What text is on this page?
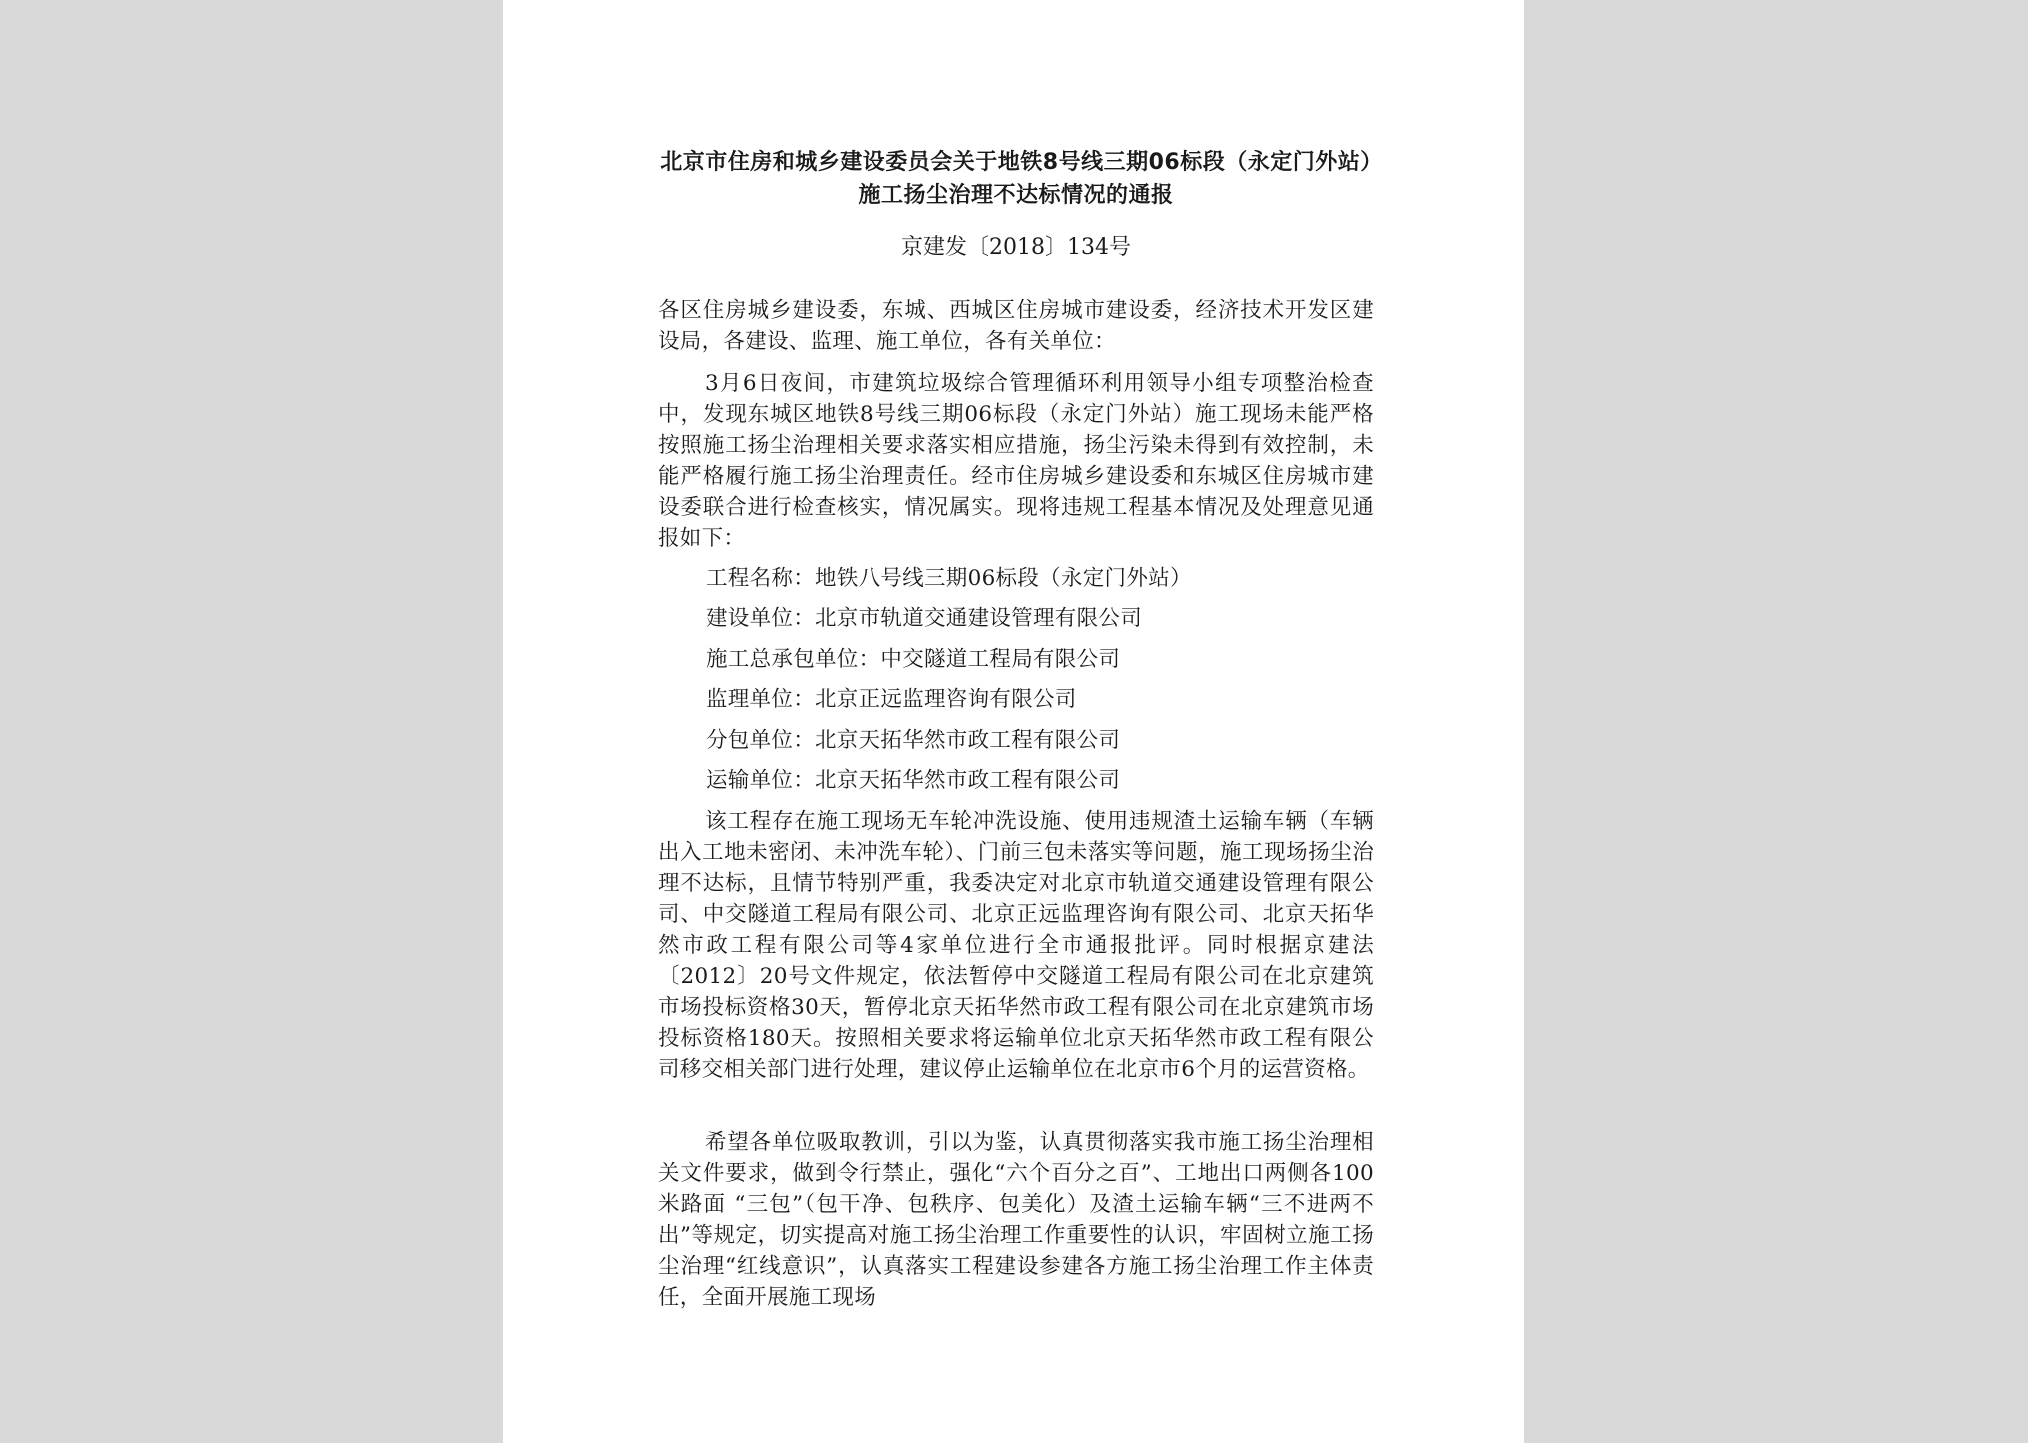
北京市住房和城乡建设委员会关于地铁8号线三期06标段（永定门外站）施工扬尘治理不达标情况的通报
京建发〔2018〕134号

各区住房城乡建设委，东城、西城区住房城市建设委，经济技术开发区建设局，各建设、监理、施工单位，各有关单位：

3月6日夜间，市建筑垃圾综合管理循环利用领导小组专项整治检查中，发现东城区地铁8号线三期06标段（永定门外站）施工现场未能严格按照施工扬尘治理相关要求落实相应措施，扬尘污染未得到有效控制，未能严格履行施工扬尘治理责任。经市住房城乡建设委和东城区住房城市建设委联合进行检查核实，情况属实。现将违规工程基本情况及处理意见通报如下：

工程名称：地铁八号线三期06标段（永定门外站）
建设单位：北京市轨道交通建设管理有限公司
施工总承包单位：中交隧道工程局有限公司
监理单位：北京正远监理咨询有限公司
分包单位：北京天拓华然市政工程有限公司
运输单位：北京天拓华然市政工程有限公司

该工程存在施工现场无车轮冲洗设施、使用违规渣土运输车辆（车辆出入工地未密闭、未冲洗车轮）、门前三包未落实等问题，施工现场扬尘治理不达标，且情节特别严重，我委决定对北京市轨道交通建设管理有限公司、中交隧道工程局有限公司、北京正远监理咨询有限公司、北京天拓华然市政工程有限公司等4家单位进行全市通报批评。同时根据京建法〔2012〕20号文件规定，依法暂停中交隧道工程局有限公司在北京建筑市场投标资格30天，暂停北京天拓华然市政工程有限公司在北京建筑市场投标资格180天。按照相关要求将运输单位北京天拓华然市政工程有限公司移交相关部门进行处理，建议停止运输单位在北京市6个月的运营资格。

希望各单位吸取教训，引以为鉴，认真贯彻落实我市施工扬尘治理相关文件要求，做到令行禁止，强化“六个百分之百”、工地出口两侧各100米路面 “三包”（包干净、包秩序、包美化）及渣土运输车辆“三不进两不出”等规定，切实提高对施工扬尘治理工作重要性的认识，牢固树立施工扬尘治理“红线意识”，认真落实工程建设参建各方施工扬尘治理工作主体责任，全面开展施工现场
